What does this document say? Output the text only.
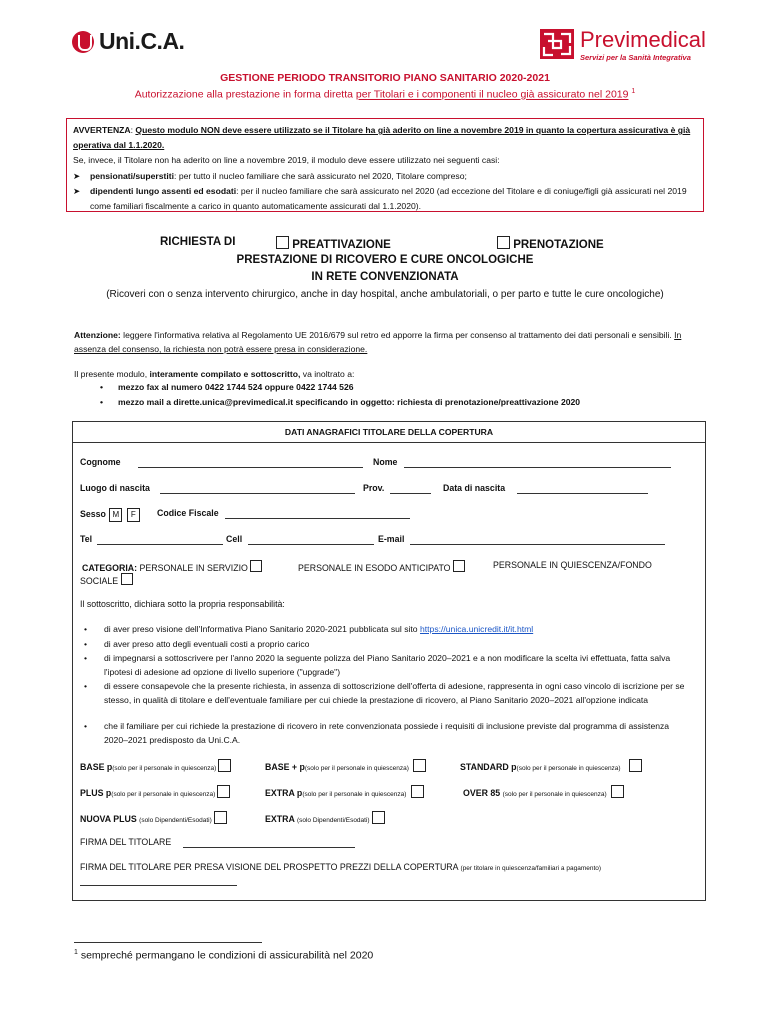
Uni.C.A.	Previmedical
Servizi per la Sanità Integrativa
GESTIONE PERIODO TRANSITORIO PIANO SANITARIO 2020-2021
Autorizzazione alla prestazione in forma diretta per Titolari e i componenti il nucleo già assicurato nel 2019 $^1$
AVVERTENZA: Questo modulo NON deve essere utilizzato se il Titolare ha già aderito on line a novembre 2019 in quanto la copertura assicurativa è già operativa dal 1.1.2020.
Se, invece, il Titolare non ha aderito on line a novembre 2019, il modulo deve essere utilizzato nei seguenti casi:
➤ pensionati/superstiti: per tutto il nucleo familiare che sarà assicurato nel 2020, Titolare compreso;
➤ dipendenti lungo assenti ed esodati: per il nucleo familiare che sarà assicurato nel 2020 (ad eccezione del Titolare e di coniuge/figli già assicurati nel 2019 come familiari fiscalmente a carico in quanto automaticamente assicurati dal 1.1.2020).
RICHIESTA DI	PREATTIVAZIONE	PRENOTAZIONE
PRESTAZIONE DI RICOVERO E CURE ONCOLOGICHE
IN RETE CONVENZIONATA
(Ricoveri con o senza intervento chirurgico, anche in day hospital, anche ambulatoriali, o per parto e tutte le cure oncologiche)
Attenzione: leggere l'informativa relativa al Regolamento UE 2016/679 sul retro ed apporre la firma per consenso al trattamento dei dati personali e sensibili. In assenza del consenso, la richiesta non potrà essere presa in considerazione.
Il presente modulo, interamente compilato e sottoscritto, va inoltrato a:
• mezzo fax al numero 0422 1744 524 oppure 0422 1744 526
• mezzo mail a dirette.unica@previmedical.it specificando in oggetto: richiesta di prenotazione/preattivazione 2020
DATI ANAGRAFICI TITOLARE DELLA COPERTURA
Cognome	Nome
Luogo di nascita	Prov.	Data di nascita
Sesso M F	Codice Fiscale
Tel	Cell	E-mail
CATEGORIA: PERSONALE IN SERVIZIO	PERSONALE IN ESODO ANTICIPATO	PERSONALE IN QUIESCENZA/FONDO
SOCIALE
Il sottoscritto, dichiara sotto la propria responsabilità:
• di aver preso visione dell'Informativa Piano Sanitario 2020-2021 pubblicata sul sito https://unica.unicredit.it/it.html
• di aver preso atto degli eventuali costi a proprio carico
• di impegnarsi a sottoscrivere per l'anno 2020 la seguente polizza del Piano Sanitario 2020–2021 e a non modificare la scelta ivi effettuata, fatta salva l'ipotesi di adesione ad opzione di livello superiore ("upgrade")
• di essere consapevole che la presente richiesta, in assenza di sottoscrizione dell'offerta di adesione, rappresenta in ogni caso vincolo di iscrizione per se stesso, in qualità di titolare e dell'eventuale familiare per cui chiede la prestazione di ricovero, al Piano Sanitario 2020–2021 all'opzione indicata
• che il familiare per cui richiede la prestazione di ricovero in rete convenzionata possiede i requisiti di inclusione previste dal programma di assistenza 2020–2021 predisposto da Uni.C.A.
BASE p(solo per il personale in quiescenza)	BASE + p(solo per il personale in quiescenza)	STANDARD p(solo per il personale in quiescenza)
PLUS p(solo per il personale in quiescenza)	EXTRA p(solo per il personale in quiescenza)	OVER 85 (solo per il personale in quiescenza)
NUOVA PLUS (solo Dipendenti/Esodati)	EXTRA (solo Dipendenti/Esodati)
FIRMA DEL TITOLARE
FIRMA DEL TITOLARE PER PRESA VISIONE DEL PROSPETTO PREZZI DELLA COPERTURA (per titolare in quiescenza/familiari a pagamento)
$^1$ sempreché permangano le condizioni di assicurabilità nel 2020
